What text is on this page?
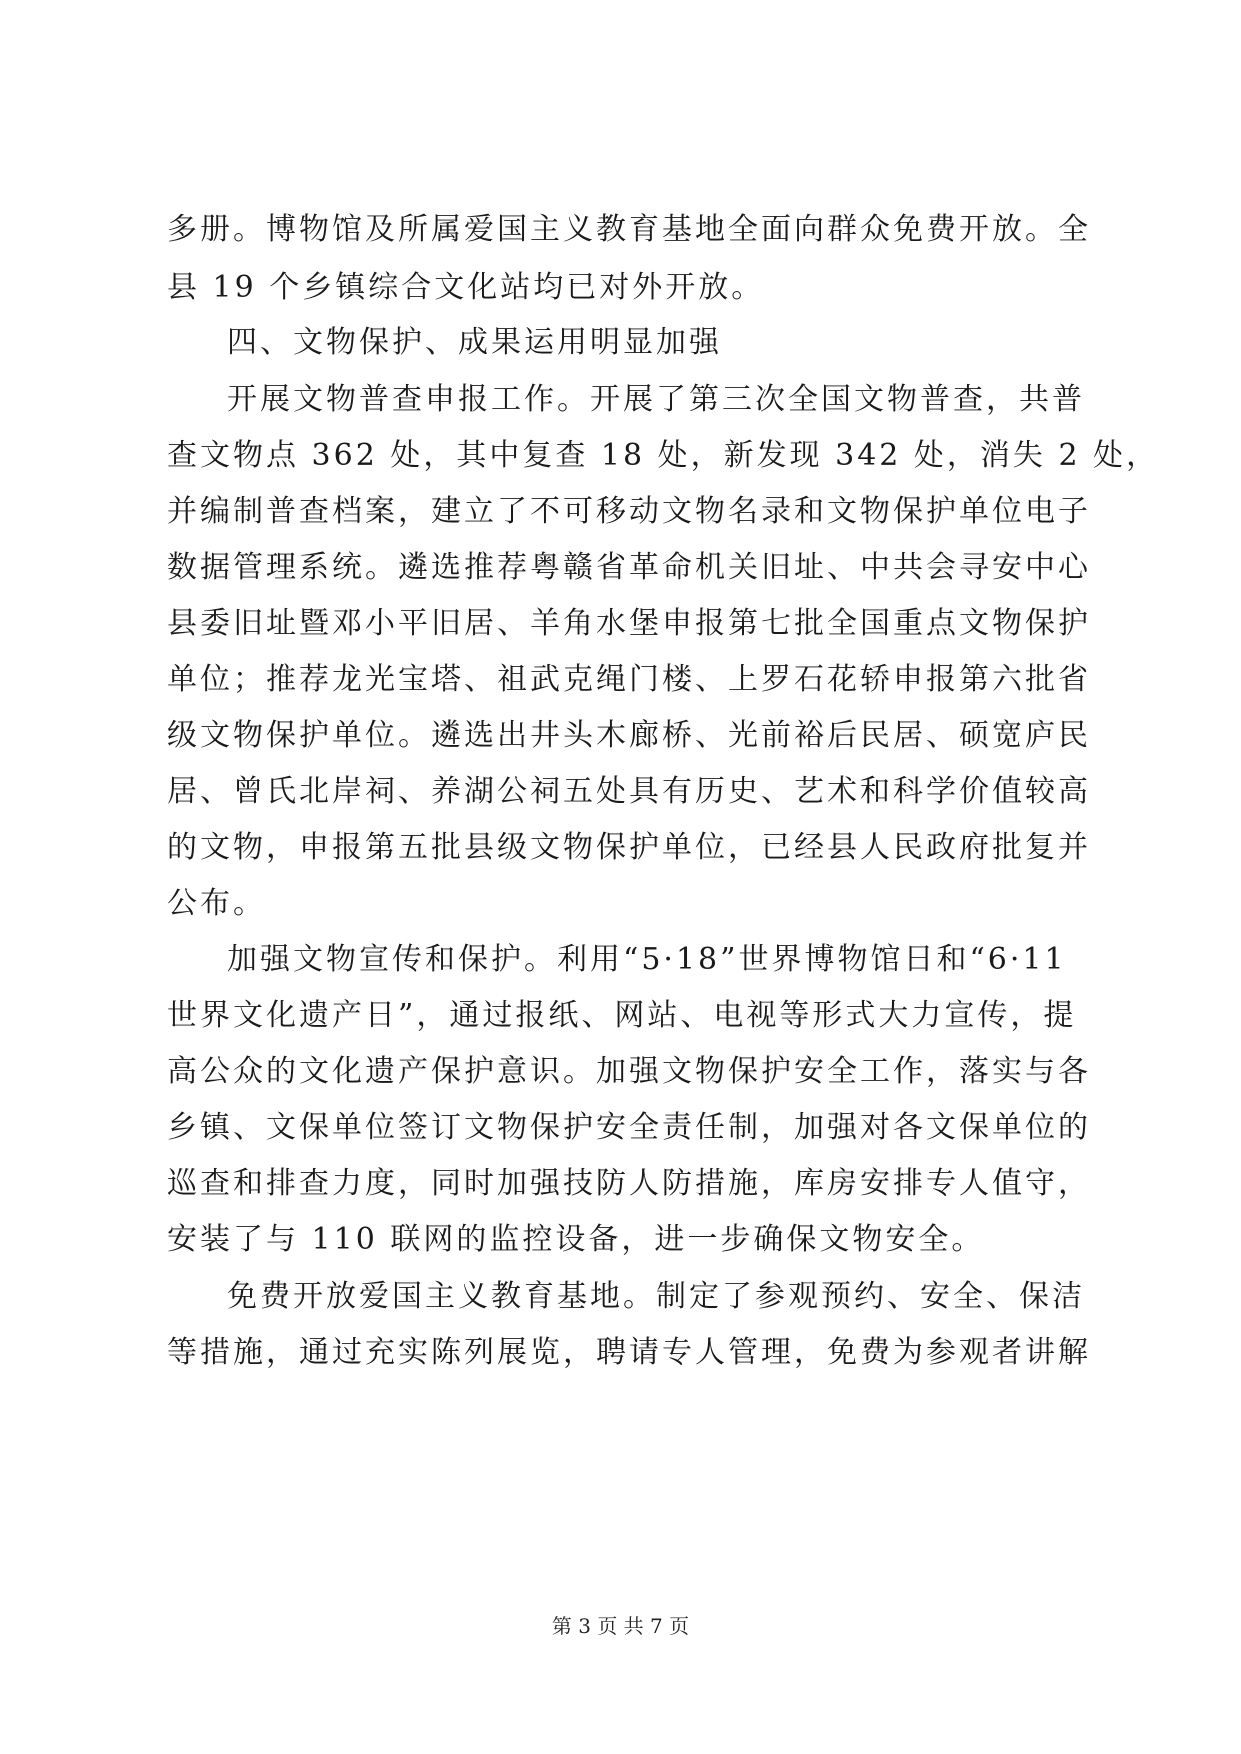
多册。博物馆及所属爱国主义教育基地全面向群众免费开放。全
县 19 个乡镇综合文化站均已对外开放。
四、文物保护、成果运用明显加强
开展文物普查申报工作。开展了第三次全国文物普查，共普
查文物点 362 处，其中复查 18 处，新发现 342 处，消失 2 处，
并编制普查档案，建立了不可移动文物名录和文物保护单位电子
数据管理系统。遴选推荐粤赣省革命机关旧址、中共会寻安中心
县委旧址暨邓小平旧居、羊角水堡申报第七批全国重点文物保护
单位；推荐龙光宝塔、祖武克绳门楼、上罗石花轿申报第六批省
级文物保护单位。遴选出井头木廊桥、光前裕后民居、硕宽庐民
居、曾氏北岸祠、养湖公祠五处具有历史、艺术和科学价值较高
的文物，申报第五批县级文物保护单位，已经县人民政府批复并
公布。
加强文物宣传和保护。利用“5·18”世界博物馆日和“6·11
世界文化遗产日”，通过报纸、网站、电视等形式大力宣传，提
高公众的文化遗产保护意识。加强文物保护安全工作，落实与各
乡镇、文保单位签订文物保护安全责任制，加强对各文保单位的
巡查和排查力度，同时加强技防人防措施，库房安排专人值守，
安装了与 110 联网的监控设备，进一步确保文物安全。
免费开放爱国主义教育基地。制定了参观预约、安全、保洁
等措施，通过充实陈列展览，聘请专人管理，免费为参观者讲解
第 3 页 共 7 页
